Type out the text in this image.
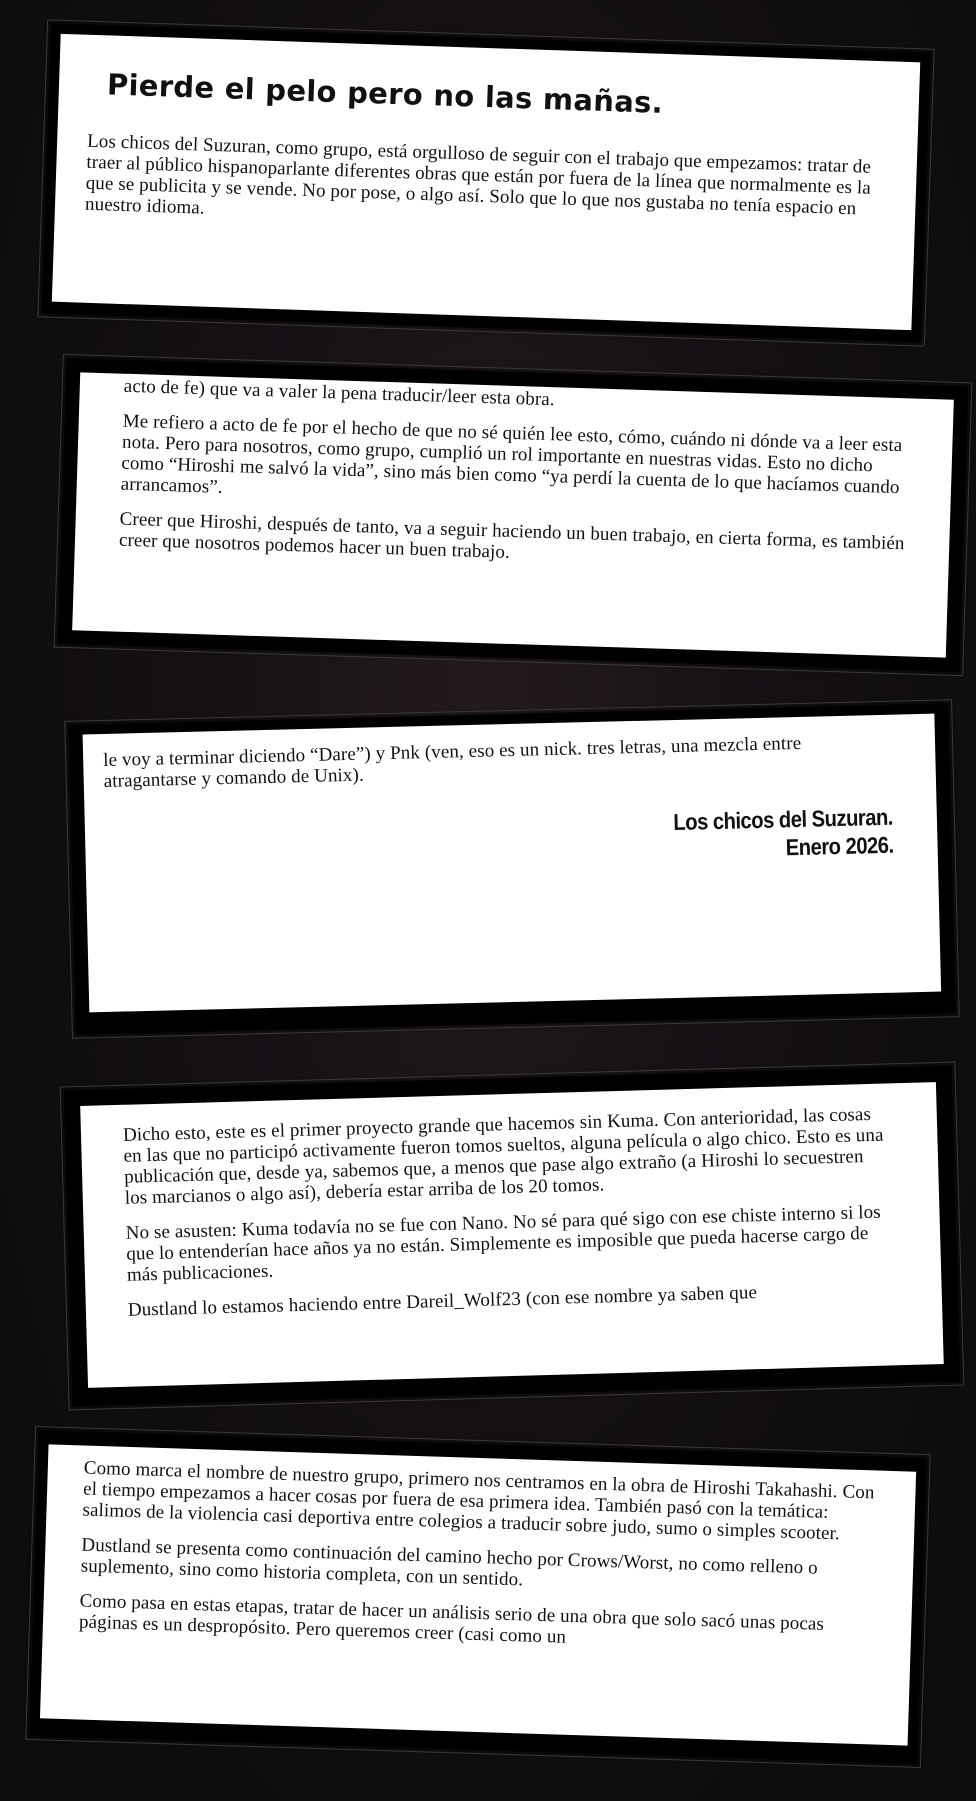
Pierde el pelo pero no las mañas.

Los chicos del Suzuran, como grupo, está orgulloso de seguir con el trabajo que empezamos: tratar de traer al público hispanoparlante diferentes obras que están por fuera de la línea que normalmente es la que se publicita y se vende. No por pose, o algo así. Solo que lo que nos gustaba no tenía espacio en nuestro idioma.

acto de fe) que va a valer la pena traducir/leer esta obra.

Me refiero a acto de fe por el hecho de que no sé quién lee esto, cómo, cuándo ni dónde va a leer esta nota. Pero para nosotros, como grupo, cumplió un rol importante en nuestras vidas. Esto no dicho como “Hiroshi me salvó la vida”, sino más bien como “ya perdí la cuenta de lo que hacíamos cuando arrancamos”.

Creer que Hiroshi, después de tanto, va a seguir haciendo un buen trabajo, en cierta forma, es también creer que nosotros podemos hacer un buen trabajo.

le voy a terminar diciendo “Dare”) y Pnk (ven, eso es un nick. tres letras, una mezcla entre atragantarse y comando de Unix).

Los chicos del Suzuran.
Enero 2026.

Dicho esto, este es el primer proyecto grande que hacemos sin Kuma. Con anterioridad, las cosas en las que no participó activamente fueron tomos sueltos, alguna película o algo chico. Esto es una publicación que, desde ya, sabemos que, a menos que pase algo extraño (a Hiroshi lo secuestren los marcianos o algo así), debería estar arriba de los 20 tomos.

No se asusten: Kuma todavía no se fue con Nano. No sé para qué sigo con ese chiste interno si los que lo entenderían hace años ya no están. Simplemente es imposible que pueda hacerse cargo de más publicaciones.

Dustland lo estamos haciendo entre Dareil_Wolf23 (con ese nombre ya saben que

Como marca el nombre de nuestro grupo, primero nos centramos en la obra de Hiroshi Takahashi. Con el tiempo empezamos a hacer cosas por fuera de esa primera idea. También pasó con la temática: salimos de la violencia casi deportiva entre colegios a traducir sobre judo, sumo o simples scooter.

Dustland se presenta como continuación del camino hecho por Crows/Worst, no como relleno o suplemento, sino como historia completa, con un sentido.

Como pasa en estas etapas, tratar de hacer un análisis serio de una obra que solo sacó unas pocas páginas es un despropósito. Pero queremos creer (casi como un
